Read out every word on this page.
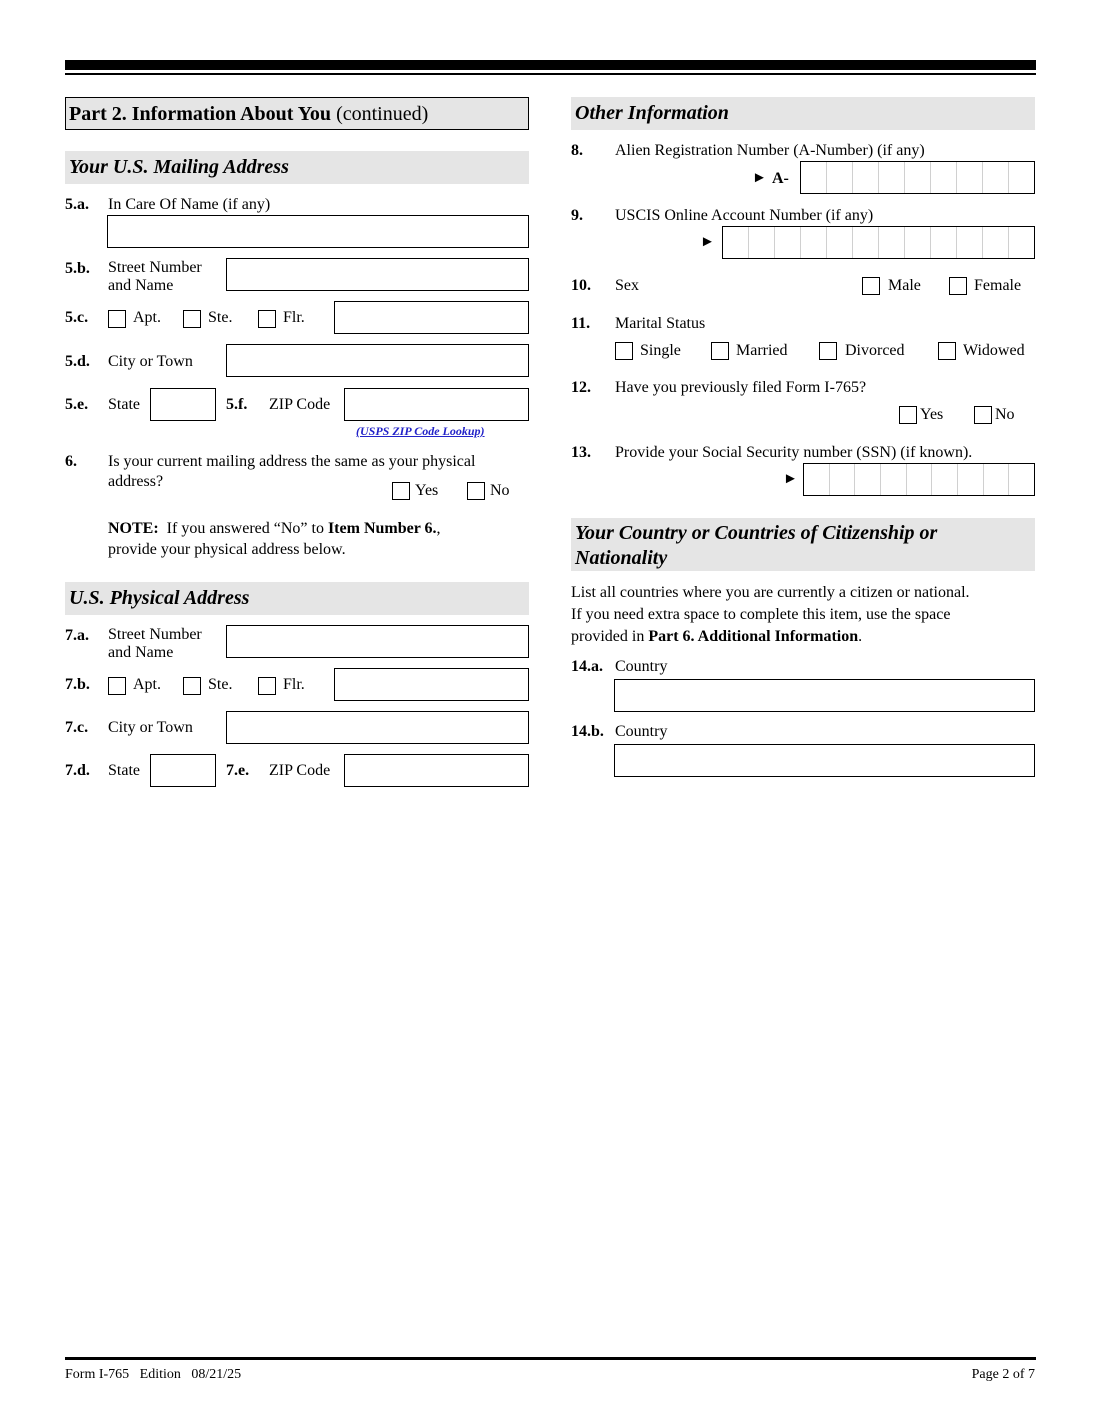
Part 2. Information About You (continued)
Your U.S. Mailing Address
5.a. In Care Of Name (if any)
5.b. Street Number
and Name
5.c.	Apt.	Ste.	Flr.
5.d. City or Town
5.e. State	5.f. ZIP Code
(USPS ZIP Code Lookup)
6. Is your current mailing address the same as your physical
address?
Yes	No
NOTE:  If you answered “No” to Item Number 6.,
provide your physical address below.
U.S. Physical Address
7.a. Street Number
and Name
7.b.	Apt.	Ste.	Flr.
7.c. City or Town
7.d. State	7.e. ZIP Code
Other Information
8. Alien Registration Number (A-Number) (if any)
► A-
9. USCIS Online Account Number (if any)
►
10. Sex	Male	Female
11. Marital Status
Single	Married	Divorced	Widowed
12. Have you previously filed Form I-765?
Yes	No
13. Provide your Social Security number (SSN) (if known).
►
Your Country or Countries of Citizenship or
Nationality
List all countries where you are currently a citizen or national.
If you need extra space to complete this item, use the space
provided in Part 6. Additional Information.
14.a. Country
14.b. Country
Form I-765   Edition   08/21/25	Page 2 of 7
